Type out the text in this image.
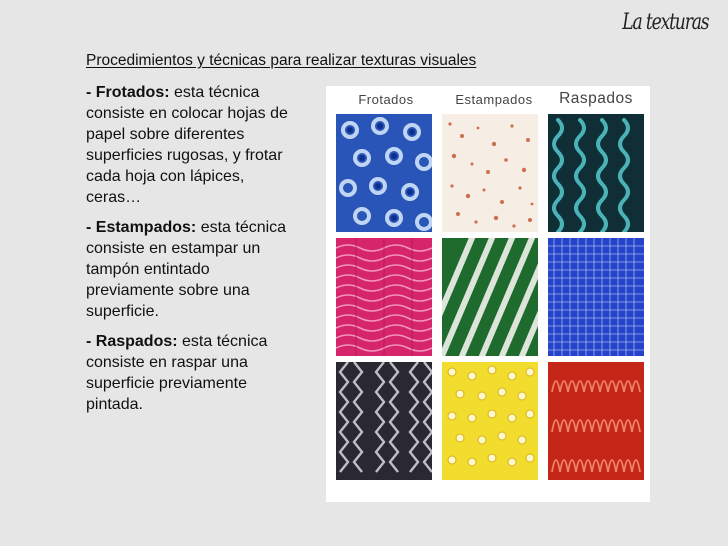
La texturas
Procedimientos y técnicas para realizar texturas visuales

- Frotados: esta técnica consiste en colocar hojas de papel sobre diferentes superficies rugosas, y frotar cada hoja con lápices, ceras…

- Estampados: esta técnica consiste en estampar un tampón entintado previamente sobre una superficie.

- Raspados: esta técnica consiste en raspar una superficie previamente pintada.

Frotados	Estampados	Raspados
